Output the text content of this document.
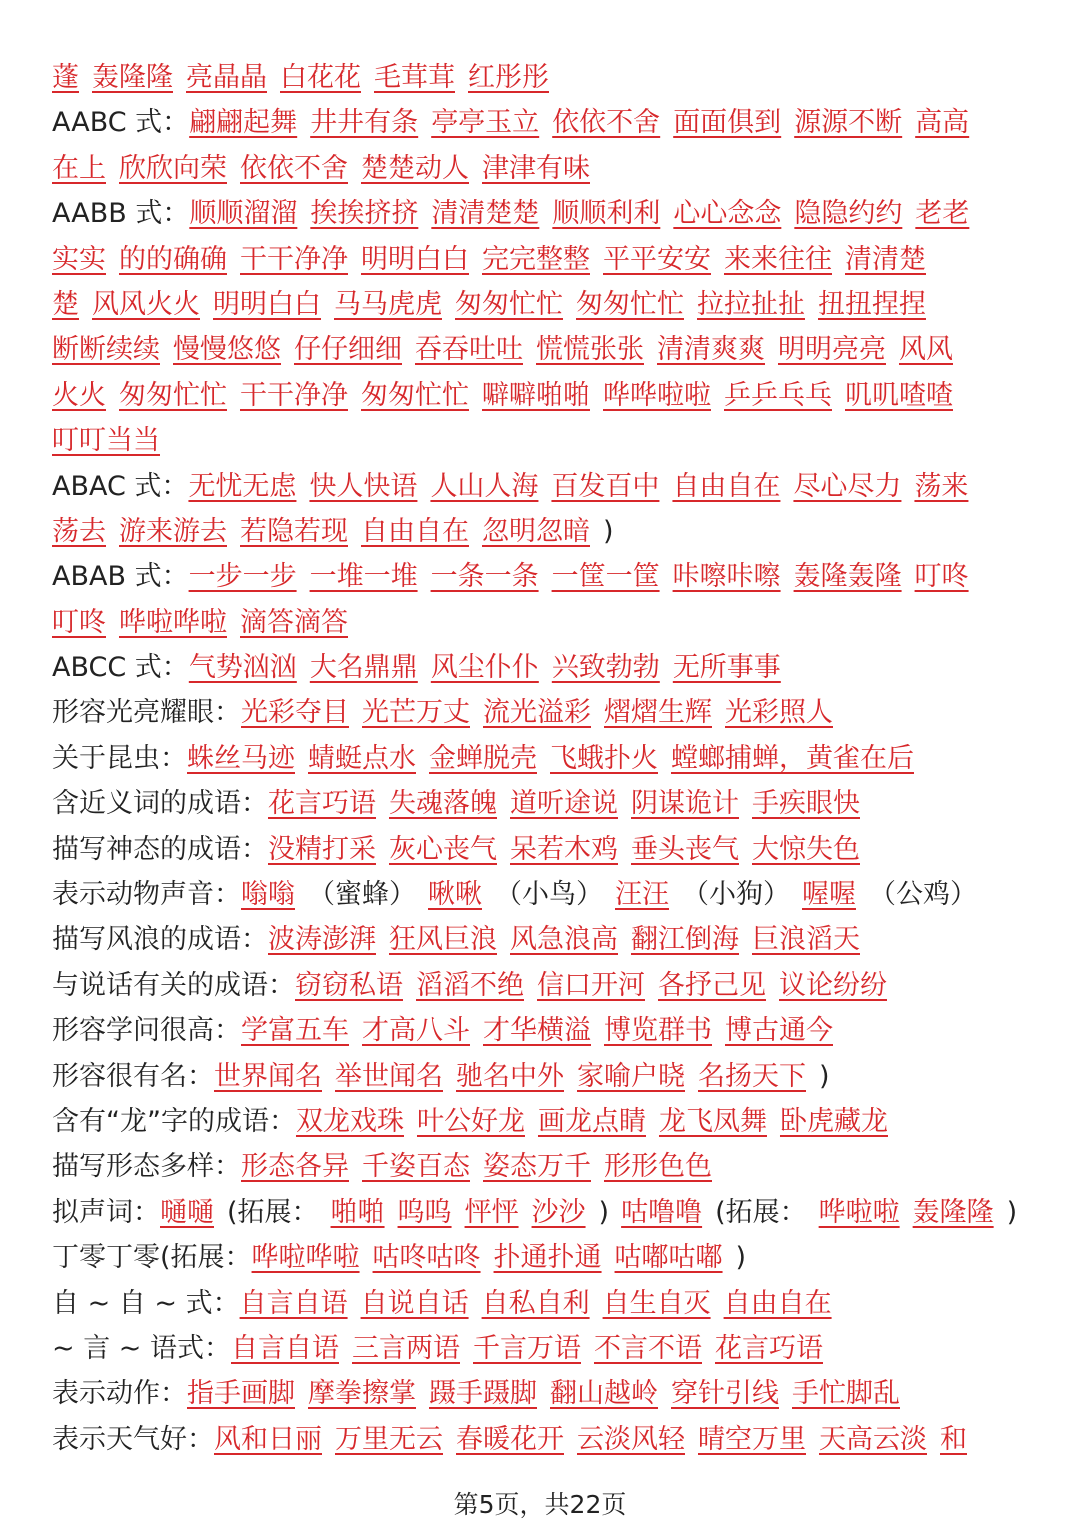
蓬 轰隆隆 亮晶晶 白花花 毛茸茸 红彤彤
AABC 式：翩翩起舞 井井有条 亭亭玉立 依依不舍 面面俱到 源源不断 高高
在上 欣欣向荣 依依不舍 楚楚动人 津津有味
AABB 式：顺顺溜溜 挨挨挤挤 清清楚楚 顺顺利利 心心念念 隐隐约约 老老
实实 的的确确 干干净净 明明白白 完完整整 平平安安 来来往往 清清楚
楚 风风火火 明明白白 马马虎虎 匆匆忙忙 匆匆忙忙 拉拉扯扯 扭扭捏捏
断断续续 慢慢悠悠 仔仔细细 吞吞吐吐 慌慌张张 清清爽爽 明明亮亮 风风
火火 匆匆忙忙 干干净净 匆匆忙忙 噼噼啪啪 哗哗啦啦 乒乒乓乓 叽叽喳喳
叮叮当当
ABAC 式：无忧无虑 快人快语 人山人海 百发百中 自由自在 尽心尽力 荡来
荡去 游来游去 若隐若现 自由自在 忽明忽暗 )
ABAB 式：一步一步 一堆一堆 一条一条 一筐一筐 咔嚓咔嚓 轰隆轰隆 叮咚
叮咚 哗啦哗啦 滴答滴答
ABCC 式：气势汹汹 大名鼎鼎 风尘仆仆 兴致勃勃 无所事事
形容光亮耀眼：光彩夺目 光芒万丈 流光溢彩 熠熠生辉 光彩照人
关于昆虫：蛛丝马迹 蜻蜓点水 金蝉脱壳 飞蛾扑火 螳螂捕蝉，黄雀在后
含近义词的成语：花言巧语 失魂落魄 道听途说 阴谋诡计 手疾眼快
描写神态的成语：没精打采 灰心丧气 呆若木鸡 垂头丧气 大惊失色
表示动物声音：嗡嗡 （蜜蜂） 啾啾 （小鸟） 汪汪 （小狗） 喔喔 （公鸡）
描写风浪的成语：波涛澎湃 狂风巨浪 风急浪高 翻江倒海 巨浪滔天
与说话有关的成语：窃窃私语 滔滔不绝 信口开河 各抒己见 议论纷纷
形容学问很高：学富五车 才高八斗 才华横溢 博览群书 博古通今
形容很有名：世界闻名 举世闻名 驰名中外 家喻户晓 名扬天下 )
含有“龙”字的成语：双龙戏珠 叶公好龙 画龙点睛 龙飞凤舞 卧虎藏龙
描写形态多样：形态各异 千姿百态 姿态万千 形形色色
拟声词：嗵嗵 (拓展： 啪啪 呜呜 怦怦 沙沙 ) 咕噜噜 (拓展： 哗啦啦 轰隆隆 )
丁零丁零(拓展：哗啦哗啦 咕咚咕咚 扑通扑通 咕嘟咕嘟 )
自 ~ 自 ~ 式：自言自语 自说自话 自私自利 自生自灭 自由自在
~ 言 ~ 语式：自言自语 三言两语 千言万语 不言不语 花言巧语
表示动作：指手画脚 摩拳擦掌 蹑手蹑脚 翻山越岭 穿针引线 手忙脚乱
表示天气好：风和日丽 万里无云 春暖花开 云淡风轻 晴空万里 天高云淡 和
第5页，共22页
